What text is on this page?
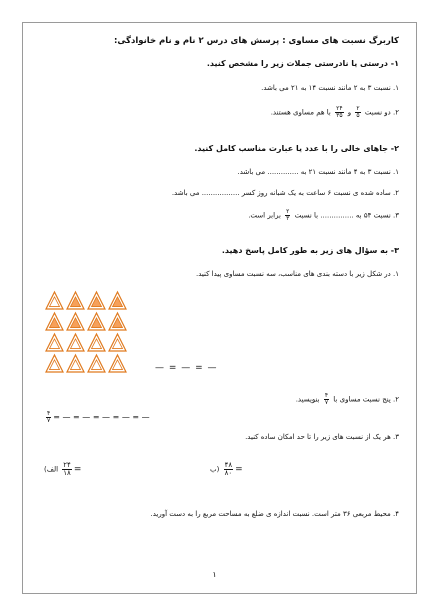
کاربرگ نسبت های مساوی : پرسش های درس ۲ نام و نام خانوادگی:
۱- درستی یا نادرستی جملات زیر را مشخص کنید.
۱. نسبت ۳ به ۲ مانند نسبت ۱۴ به ۲۱ می باشد.
۲. دو نسبت
$\frac{۲}{۵}$
و
$\frac{۲۴}{۳۵}$
با هم مساوی هستند.
۲- جاهای خالی را با عدد یا عبارت مناسب کامل کنید.
۱. نسبت ۳ به ۴ مانند نسبت ۲۱ به .............. می باشد.
۲. ساده شده ی نسبت ۶ ساعت به یک شبانه روز کسر ................. می باشد.
۳. نسبت ۵۴ به ............... با نسبت
$\frac{۲}{۳}$
برابر است.
۳- به سؤال های زیر به طور کامل پاسخ دهید.
۱. در شکل زیر با دسته بندی های مناسب، سه نسبت مساوی پیدا کنید.
— = — = —
۲. پنج نسبت مساوی با
$\frac{۴}{۷}$
بنویسید.
$\frac{۴}{۷}$ = — = — = — = — = —
۳. هر یک از نسبت های زیر را تا حد امکان ساده کنید.
(الف $\frac{۲۴}{۱۸}$ =	ب) $\frac{۴۸}{۸۰}$ =
۴. محیط مربعی ۳۶ متر است. نسبت اندازه ی ضلع به مساحت مربع را به دست آورید.
۱
